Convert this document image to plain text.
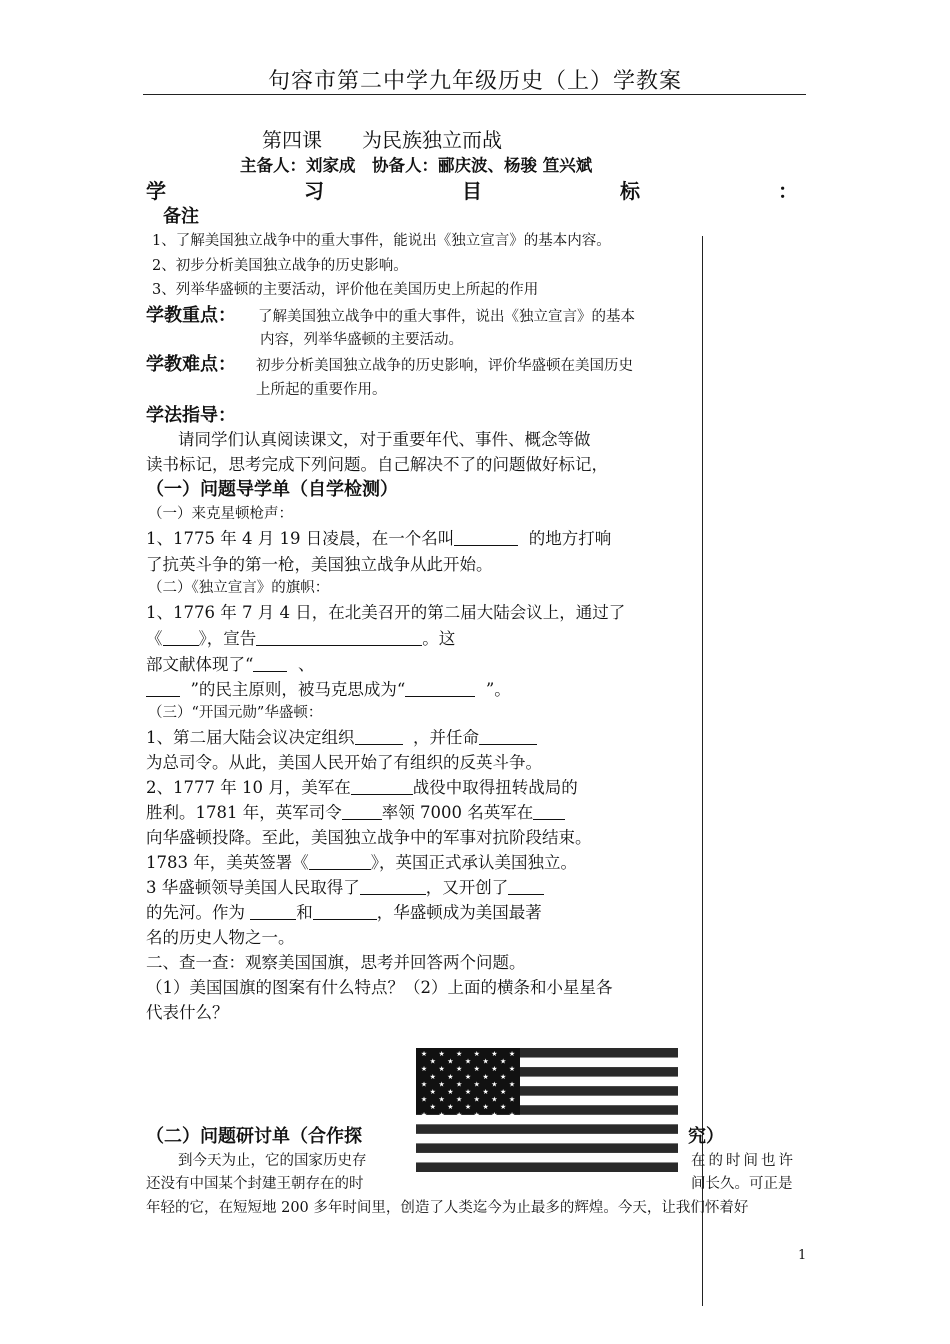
句容市第二中学九年级历史（上）学教案
第四课　　为民族独立而战
主备人：刘家成　协备人：郦庆波、杨骏 笪兴斌
学	习	目	标	：
备注
1、了解美国独立战争中的重大事件，能说出《独立宣言》的基本内容。
2、初步分析美国独立战争的历史影响。
3、列举华盛顿的主要活动，评价他在美国历史上所起的作用
学教重点： 了解美国独立战争中的重大事件，说出《独立宣言》的基本
内容，列举华盛顿的主要活动。
学教难点： 初步分析美国独立战争的历史影响，评价华盛顿在美国历史
上所起的重要作用。
学法指导：
请同学们认真阅读课文，对于重要年代、事件、概念等做
读书标记，思考完成下列问题。自己解决不了的问题做好标记，
（一）问题导学单（自学检测）
（一）来克星顿枪声：
1、1775 年 4 月 19 日凌晨，在一个名叫	的地方打响
了抗英斗争的第一枪，美国独立战争从此开始。
（二）《独立宣言》的旗帜：
1、1776 年 7 月 4 日，在北美召开的第二届大陆会议上，通过了
《 》，宣告	。这
部文献体现了“	、
”的民主原则，被马克思成为“	”。
（三）“开国元勋”华盛顿：
1、第二届大陆会议决定组织	，并任命
为总司令。从此，美国人民开始了有组织的反英斗争。
2、1777 年 10 月，美军在	战役中取得扭转战局的
胜利。1781 年，英军司令 率领 7000 名英军在
向华盛顿投降。至此，美国独立战争中的军事对抗阶段结束。
1783 年，美英签署《	》，英国正式承认美国独立。
3 华盛顿领导美国人民取得了	，又开创了
的先河。作为	和	，华盛顿成为美国最著
名的历史人物之一。
二、查一查：观察美国国旗，思考并回答两个问题。
（1）美国国旗的图案有什么特点？（2）上面的横条和小星星各
代表什么？
★ ★ ★ ★ ★ ★
★ ★ ★ ★ ★
★ ★ ★ ★ ★ ★
★ ★ ★ ★ ★
★ ★ ★ ★ ★ ★
★ ★ ★ ★ ★
★ ★ ★ ★ ★ ★
★ ★ ★ ★ ★
★ ★ ★ ★ ★ ★
（二）问题研讨单（合作探	究）
到今天为止，它的国家历史存	在的时间也许
还没有中国某个封建王朝存在的时	间长久。可正是
年轻的它，在短短地 200 多年时间里，创造了人类迄今为止最多的辉煌。今天，让我们怀着好
1
